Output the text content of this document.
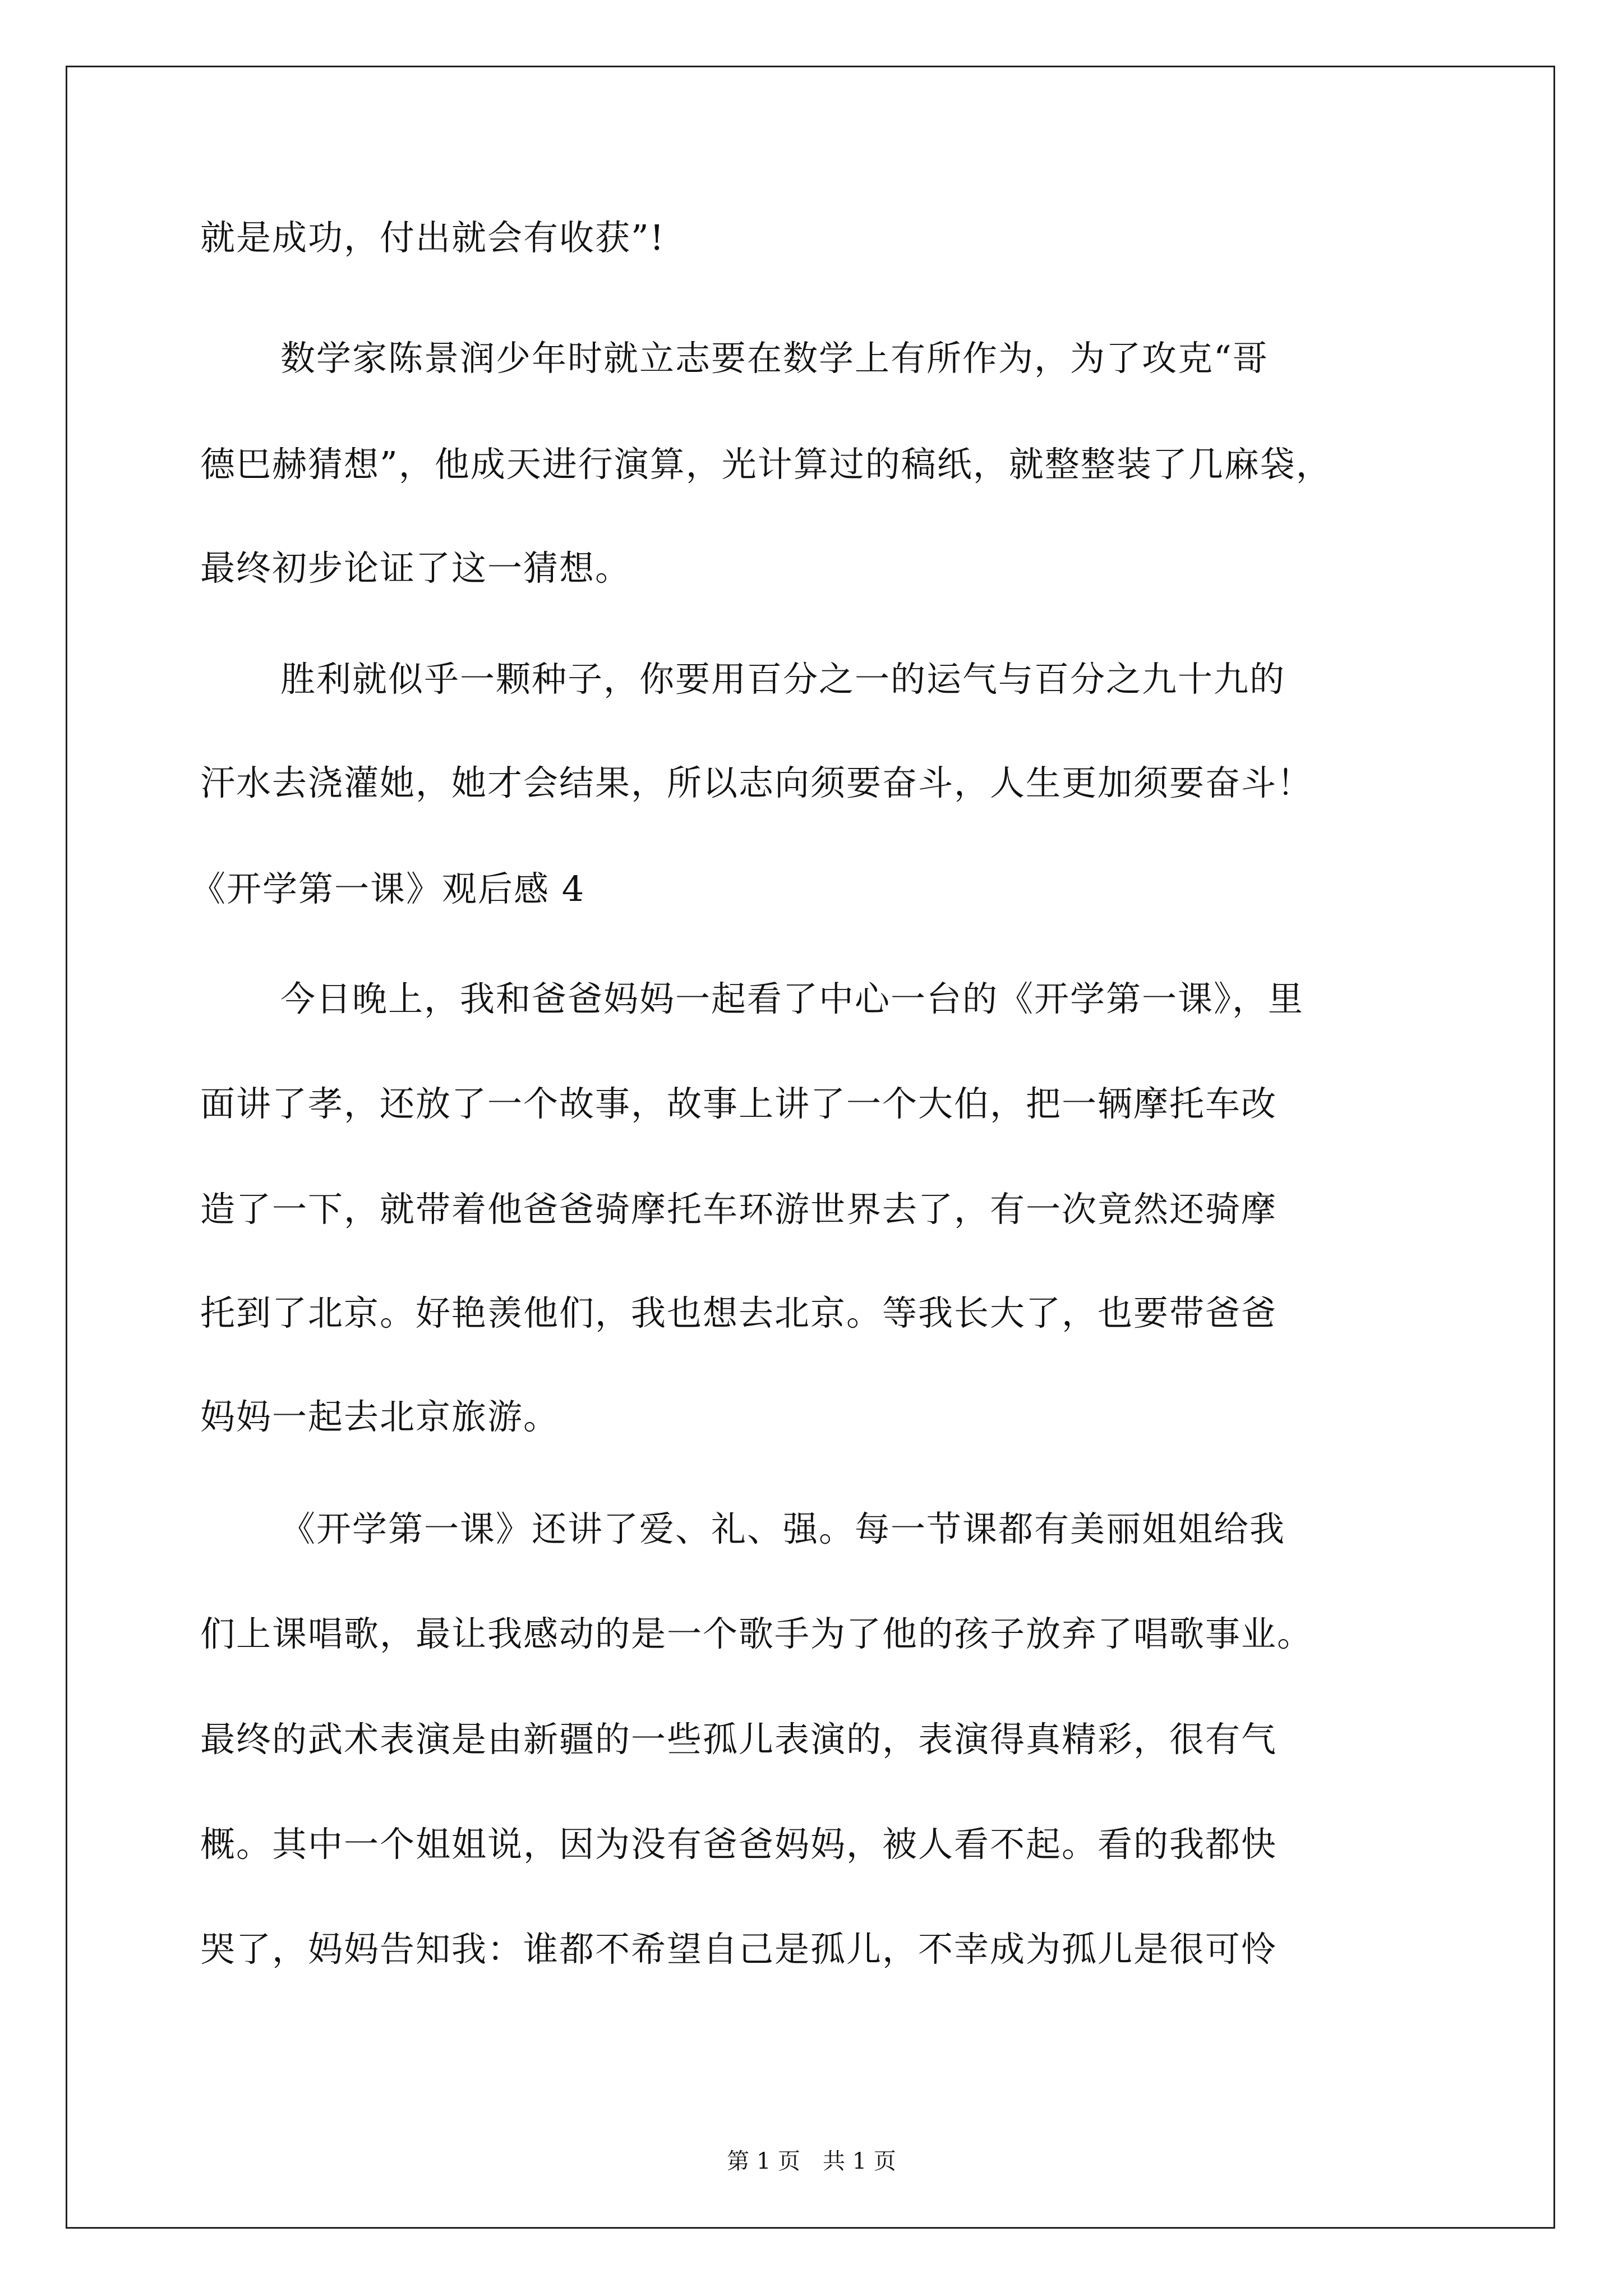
就是成功，付出就会有收获”!
数学家陈景润少年时就立志要在数学上有所作为，为了攻克“哥
德巴赫猜想”，他成天进行演算，光计算过的稿纸，就整整装了几麻袋，
最终初步论证了这一猜想。
胜利就似乎一颗种子，你要用百分之一的运气与百分之九十九的
汗水去浇灌她，她才会结果，所以志向须要奋斗，人生更加须要奋斗！
《开学第一课》观后感 4
今日晚上，我和爸爸妈妈一起看了中心一台的《开学第一课》，里
面讲了孝，还放了一个故事，故事上讲了一个大伯，把一辆摩托车改
造了一下，就带着他爸爸骑摩托车环游世界去了，有一次竟然还骑摩
托到了北京。好艳羡他们，我也想去北京。等我长大了，也要带爸爸
妈妈一起去北京旅游。
《开学第一课》还讲了爱、礼、强。每一节课都有美丽姐姐给我
们上课唱歌，最让我感动的是一个歌手为了他的孩子放弃了唱歌事业。
最终的武术表演是由新疆的一些孤儿表演的，表演得真精彩，很有气
概。其中一个姐姐说，因为没有爸爸妈妈，被人看不起。看的我都快
哭了，妈妈告知我：谁都不希望自己是孤儿，不幸成为孤儿是很可怜
第 1 页　共 1 页
